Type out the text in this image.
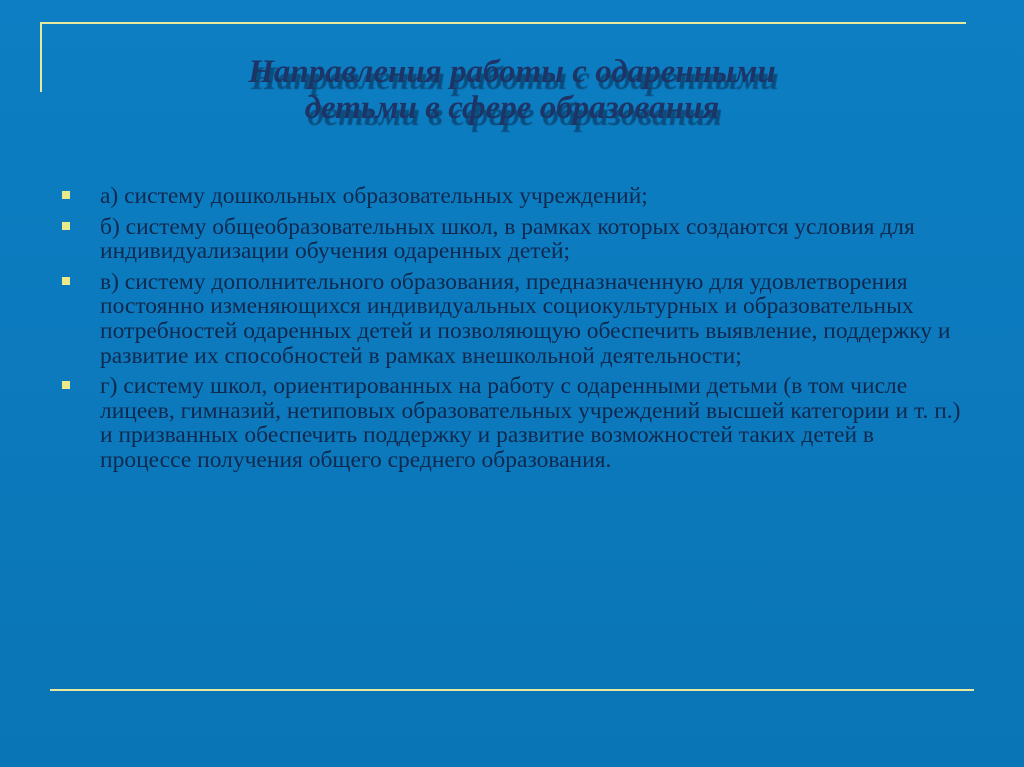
Направления работы с одаренными
детьми в сфере образования
а) систему дошкольных образовательных учреждений;
б) систему общеобразовательных школ, в рамках которых создаются условия для индивидуализации обучения одаренных детей;
в) систему дополнительного образования, предназначенную для удовлетворения постоянно изменяющихся индивидуальных социокультурных и образовательных потребностей одаренных детей и позволяющую обеспечить выявление, поддержку и развитие их способностей в рамках внешкольной деятельности;
г) систему школ, ориентированных на работу с одаренными детьми (в том числе лицеев, гимназий, нетиповых образовательных учреждений высшей категории и т. п.) и призванных обеспечить поддержку и развитие возможностей таких детей в процессе получения общего среднего образования.
